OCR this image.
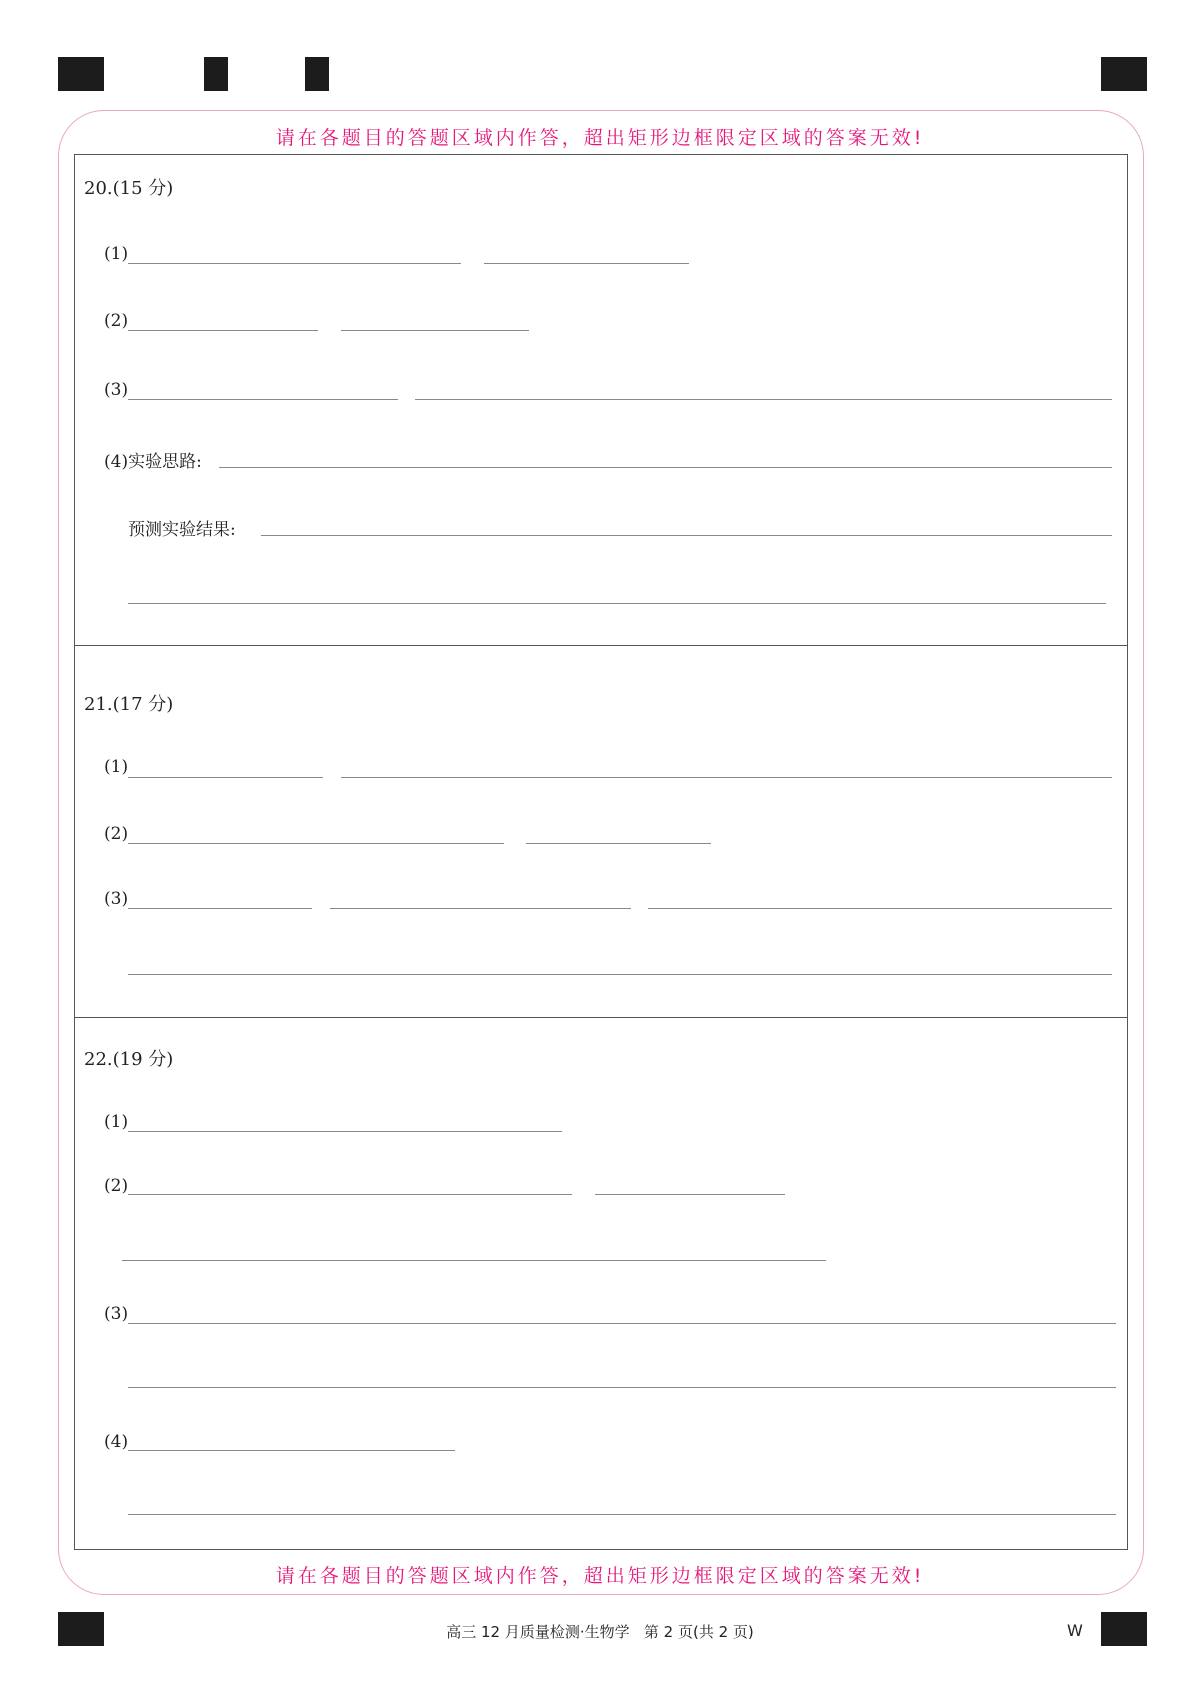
请在各题目的答题区域内作答，超出矩形边框限定区域的答案无效!
请在各题目的答题区域内作答，超出矩形边框限定区域的答案无效!
20.(15 分)
(1)
(2)
(3)
(4)实验思路:
预测实验结果:
21.(17 分)
(1)
(2)
(3)
22.(19 分)
(1)
(2)
(3)
(4)
高三 12 月质量检测·生物学   第 2 页(共 2 页)	W
